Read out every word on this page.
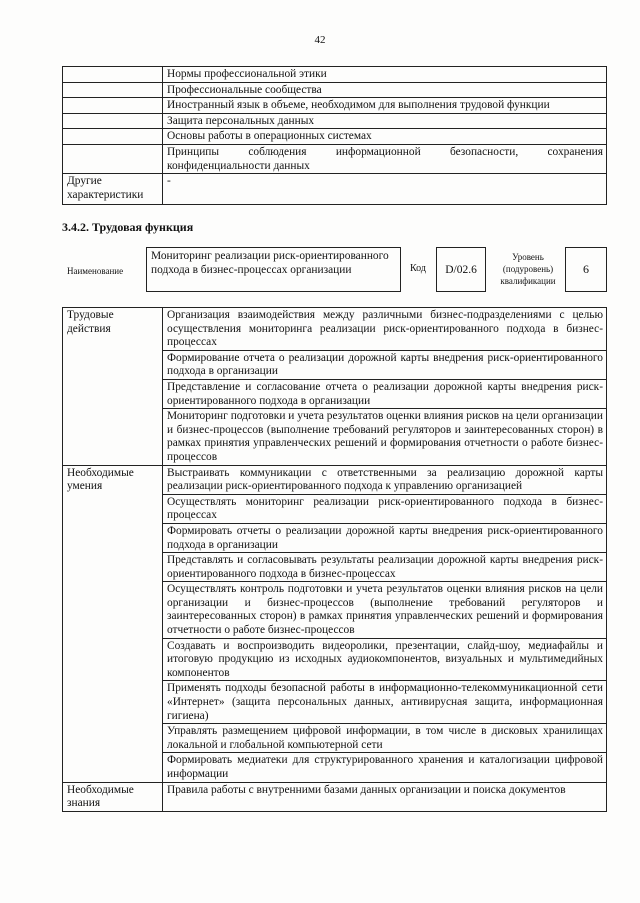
42
	Нормы профессиональной этики
	Профессиональные сообщества
	Иностранный язык в объеме, необходимом для выполнения трудовой функции
	Защита персональных данных
	Основы работы в операционных системах
	Принципы соблюдения информационной безопасности, сохранения конфиденциальности данных
Другие характеристики	-
3.4.2. Трудовая функция
Наименование
Мониторинг реализации риск-ориентированного подхода в бизнес-процессах организации	Код	D/02.6
Уровень (подуровень) квалификации
6
Трудовые действия	Организация взаимодействия между различными бизнес-подразделениями с целью осуществления мониторинга реализации риск-ориентированного подхода в бизнес-процессах
	Формирование отчета о реализации дорожной карты внедрения риск-ориентированного подхода в организации
	Представление и согласование отчета о реализации дорожной карты внедрения риск-ориентированного подхода в организации
	Мониторинг подготовки и учета результатов оценки влияния рисков на цели организации и бизнес-процессов (выполнение требований регуляторов и заинтересованных сторон) в рамках принятия управленческих решений и формирования отчетности о работе бизнес-процессов
Необходимые умения	Выстраивать коммуникации с ответственными за реализацию дорожной карты реализации риск-ориентированного подхода к управлению организацией
	Осуществлять мониторинг реализации риск-ориентированного подхода в бизнес-процессах
	Формировать отчеты о реализации дорожной карты внедрения риск-ориентированного подхода в организации
	Представлять и согласовывать результаты реализации дорожной карты внедрения риск-ориентированного подхода в бизнес-процессах
	Осуществлять контроль подготовки и учета результатов оценки влияния рисков на цели организации и бизнес-процессов (выполнение требований регуляторов и заинтересованных сторон) в рамках принятия управленческих решений и формирования отчетности о работе бизнес-процессов
	Создавать и воспроизводить видеоролики, презентации, слайд-шоу, медиафайлы и итоговую продукцию из исходных аудиокомпонентов, визуальных и мультимедийных компонентов
	Применять подходы безопасной работы в информационно-телекоммуникационной сети «Интернет» (защита персональных данных, антивирусная защита, информационная гигиена)
	Управлять размещением цифровой информации, в том числе в дисковых хранилищах локальной и глобальной компьютерной сети
	Формировать медиатеки для структурированного хранения и каталогизации цифровой информации
Необходимые знания	Правила работы с внутренними базами данных организации и поиска документов
